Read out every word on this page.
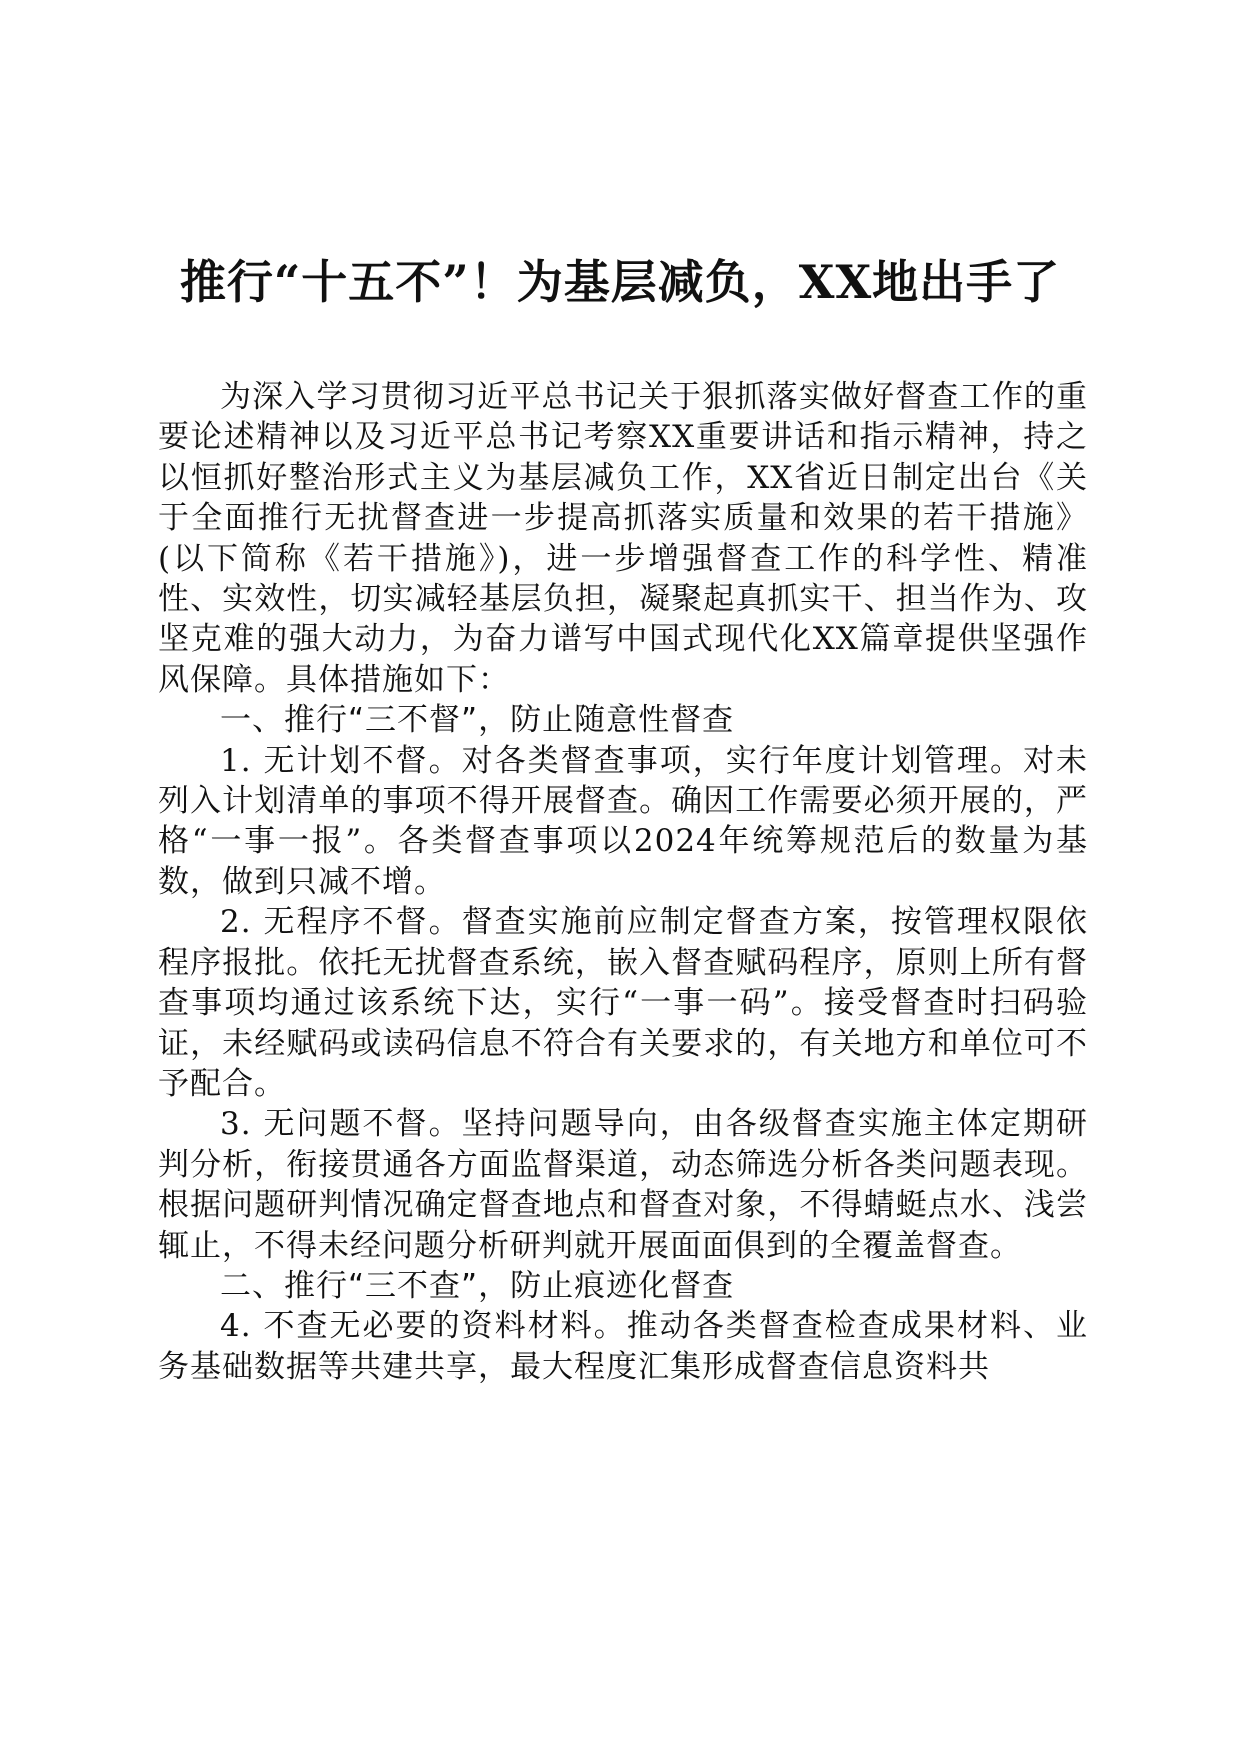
推行“十五不”！为基层减负，XX地出手了

为深入学习贯彻习近平总书记关于狠抓落实做好督查工作的重要论述精神以及习近平总书记考察XX重要讲话和指示精神，持之以恒抓好整治形式主义为基层减负工作，XX省近日制定出台《关于全面推行无扰督查进一步提高抓落实质量和效果的若干措施》(以下简称《若干措施》)，进一步增强督查工作的科学性、精准性、实效性，切实减轻基层负担，凝聚起真抓实干、担当作为、攻坚克难的强大动力，为奋力谱写中国式现代化XX篇章提供坚强作风保障。具体措施如下：

一、推行“三不督”，防止随意性督查

1. 无计划不督。对各类督查事项，实行年度计划管理。对未列入计划清单的事项不得开展督查。确因工作需要必须开展的，严格“一事一报”。各类督查事项以2024年统筹规范后的数量为基数，做到只减不增。

2. 无程序不督。督查实施前应制定督查方案，按管理权限依程序报批。依托无扰督查系统，嵌入督查赋码程序，原则上所有督查事项均通过该系统下达，实行“一事一码”。接受督查时扫码验证，未经赋码或读码信息不符合有关要求的，有关地方和单位可不予配合。

3. 无问题不督。坚持问题导向，由各级督查实施主体定期研判分析，衔接贯通各方面监督渠道，动态筛选分析各类问题表现。根据问题研判情况确定督查地点和督查对象，不得蜻蜓点水、浅尝辄止，不得未经问题分析研判就开展面面俱到的全覆盖督查。

二、推行“三不查”，防止痕迹化督查

4. 不查无必要的资料材料。推动各类督查检查成果材料、业务基础数据等共建共享，最大程度汇集形成督查信息资料共
